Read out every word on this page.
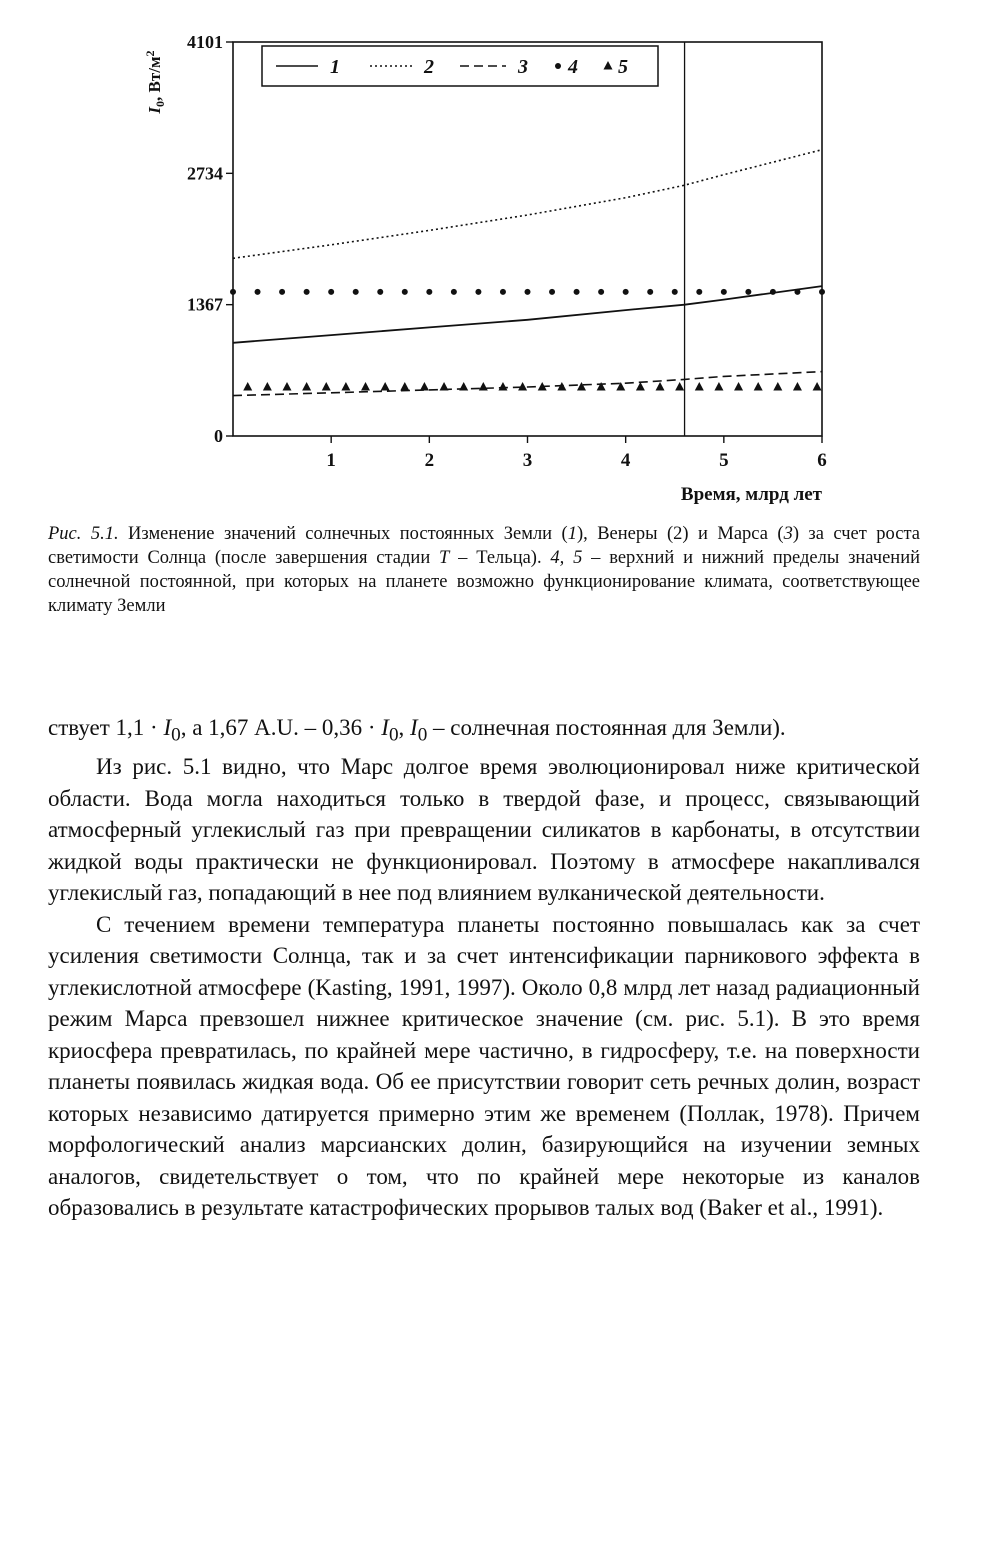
0
1367
2734
4101
1	2	3	4	5	6
1	2	3 4 5
$I_0$, $Вт/м^2$
Время, млрд лет

Рис. 5.1. Изменение значений солнечных постоянных Земли (1), Венеры (2) и Марса (3) за счет роста светимости Солнца (после завершения стадии T – Тельца). 4, 5 – верхний и нижний пределы значений солнечной постоянной, при которых на планете возможно функционирование климата, соответствующее климату Земли

ствует $1,1 \cdot I_0$, а 1,67 A.U. – $0,36 \cdot I_0$, $I_0$ – солнечная постоянная для Земли).

Из рис. 5.1 видно, что Марс долгое время эволюционировал ниже критической области. Вода могла находиться только в твердой фазе, и процесс, связывающий атмосферный углекислый газ при превращении силикатов в карбонаты, в отсутствии жидкой воды практически не функционировал. Поэтому в атмосфере накапливался углекислый газ, попадающий в нее под влиянием вулканической деятельности.

С течением времени температура планеты постоянно повышалась как за счет усиления светимости Солнца, так и за счет интенсификации парникового эффекта в углекислотной атмосфере (Kasting, 1991, 1997). Около 0,8 млрд лет назад радиационный режим Марса превзошел нижнее критическое значение (см. рис. 5.1). В это время криосфера превратилась, по крайней мере частично, в гидросферу, т.е. на поверхности планеты появилась жидкая вода. Об ее присутствии говорит сеть речных долин, возраст которых независимо датируется примерно этим же временем (Поллак, 1978). Причем морфологический анализ марсианских долин, базирующийся на изучении земных аналогов, свидетельствует о том, что по крайней мере некоторые из каналов образовались в результате катастрофических прорывов талых вод (Baker et al., 1991).
